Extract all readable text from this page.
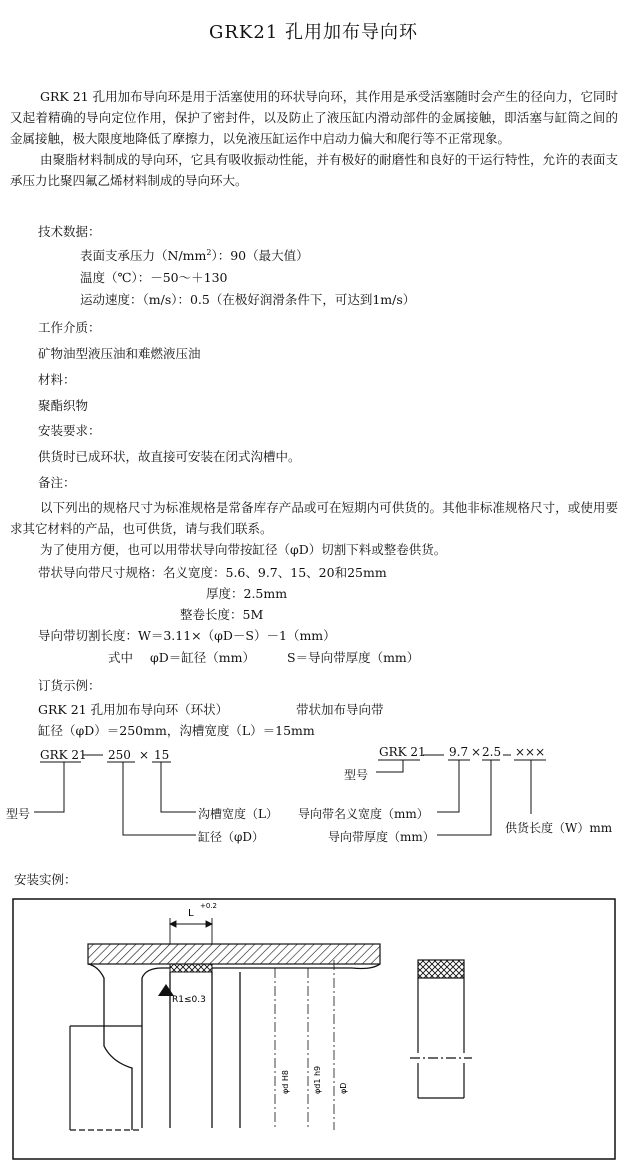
GRK21 孔用加布导向环

GRK 21 孔用加布导向环是用于活塞使用的环状导向环，其作用是承受活塞随时会产生的径向力，它同时又起着精确的导向定位作用，保护了密封件，以及防止了液压缸内滑动部件的金属接触，即活塞与缸筒之间的金属接触，极大限度地降低了摩擦力，以免液压缸运作中启动力偏大和爬行等不正常现象。

由聚脂材料制成的导向环，它具有吸收振动性能，并有极好的耐磨性和良好的干运行特性，允许的表面支承压力比聚四氟乙烯材料制成的导向环大。

技术数据：
表面支承压力$(N/mm^2)$：90（最大值）
温度（℃）：－50～＋130
运动速度：（m/s）：0.5（在极好润滑条件下，可达到1m/s）
工作介质：
矿物油型液压油和难燃液压油
材料：
聚酯织物
安装要求：
供货时已成环状，故直接可安装在闭式沟槽中。
备注：

以下列出的规格尺寸为标准规格是常备库存产品或可在短期内可供货的。其他非标准规格尺寸，或使用要求其它材料的产品，也可供货，请与我们联系。

为了使用方便，也可以用带状导向带按缸径（φD）切割下料或整卷供货。

带状导向带尺寸规格：名义宽度：5.6、9.7、15、20和25mm
厚度：2.5mm
整卷长度：5M
导向带切割长度：W＝3.11×（φD－S）－1（mm）
式中 φD＝缸径（mm）	S＝导向带厚度（mm）
订货示例：
GRK 21 孔用加布导向环（环状）	带状加布导向带
缸径（φD）＝250mm，沟槽宽度（L）＝15mm
GRK 21 250 × 15
型号	沟槽宽度（L）
缸径（φD）
GRK 21 9.7 × 2.5 ×××
型号
导向带名义宽度（mm）
导向带厚度（mm）
供货长度（W）mm
安装实例：
L
+0.2
R1≤0.3
φd H8	φd1 h9 φD
